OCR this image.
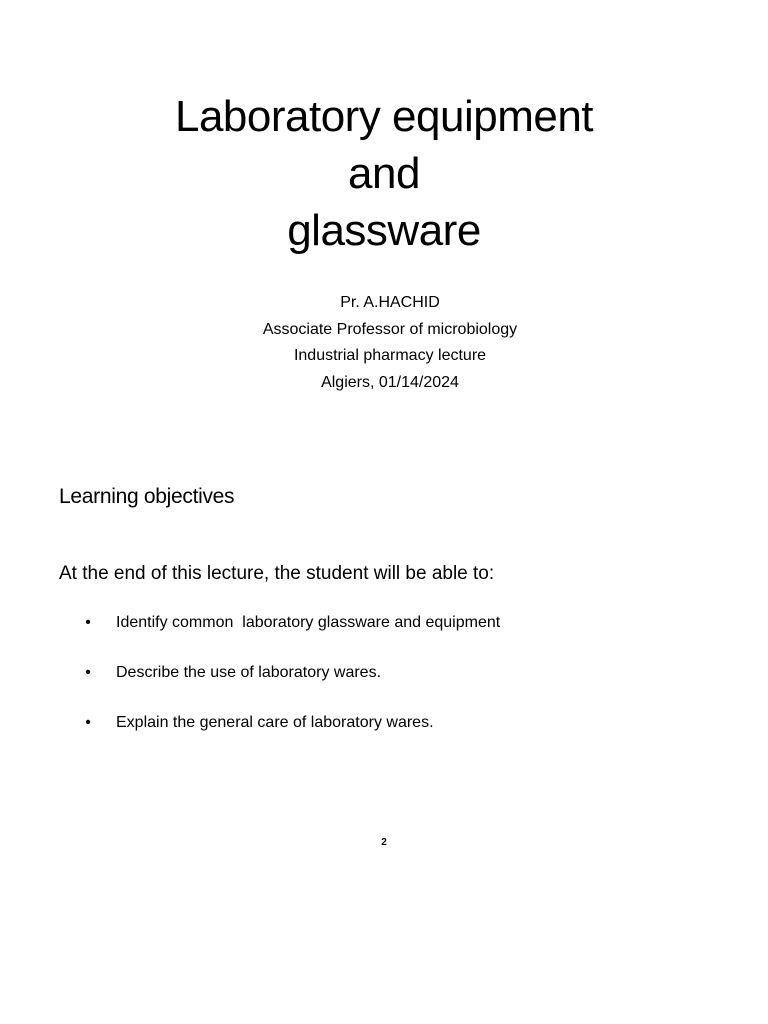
Laboratory equipment
and
glassware
Pr. A.HACHID
Associate Professor of microbiology
Industrial pharmacy lecture
Algiers, 01/14/2024
Learning objectives
At the end of this lecture, the student will be able to:
• Identify common  laboratory glassware and equipment
• Describe the use of laboratory wares.
• Explain the general care of laboratory wares.
2
